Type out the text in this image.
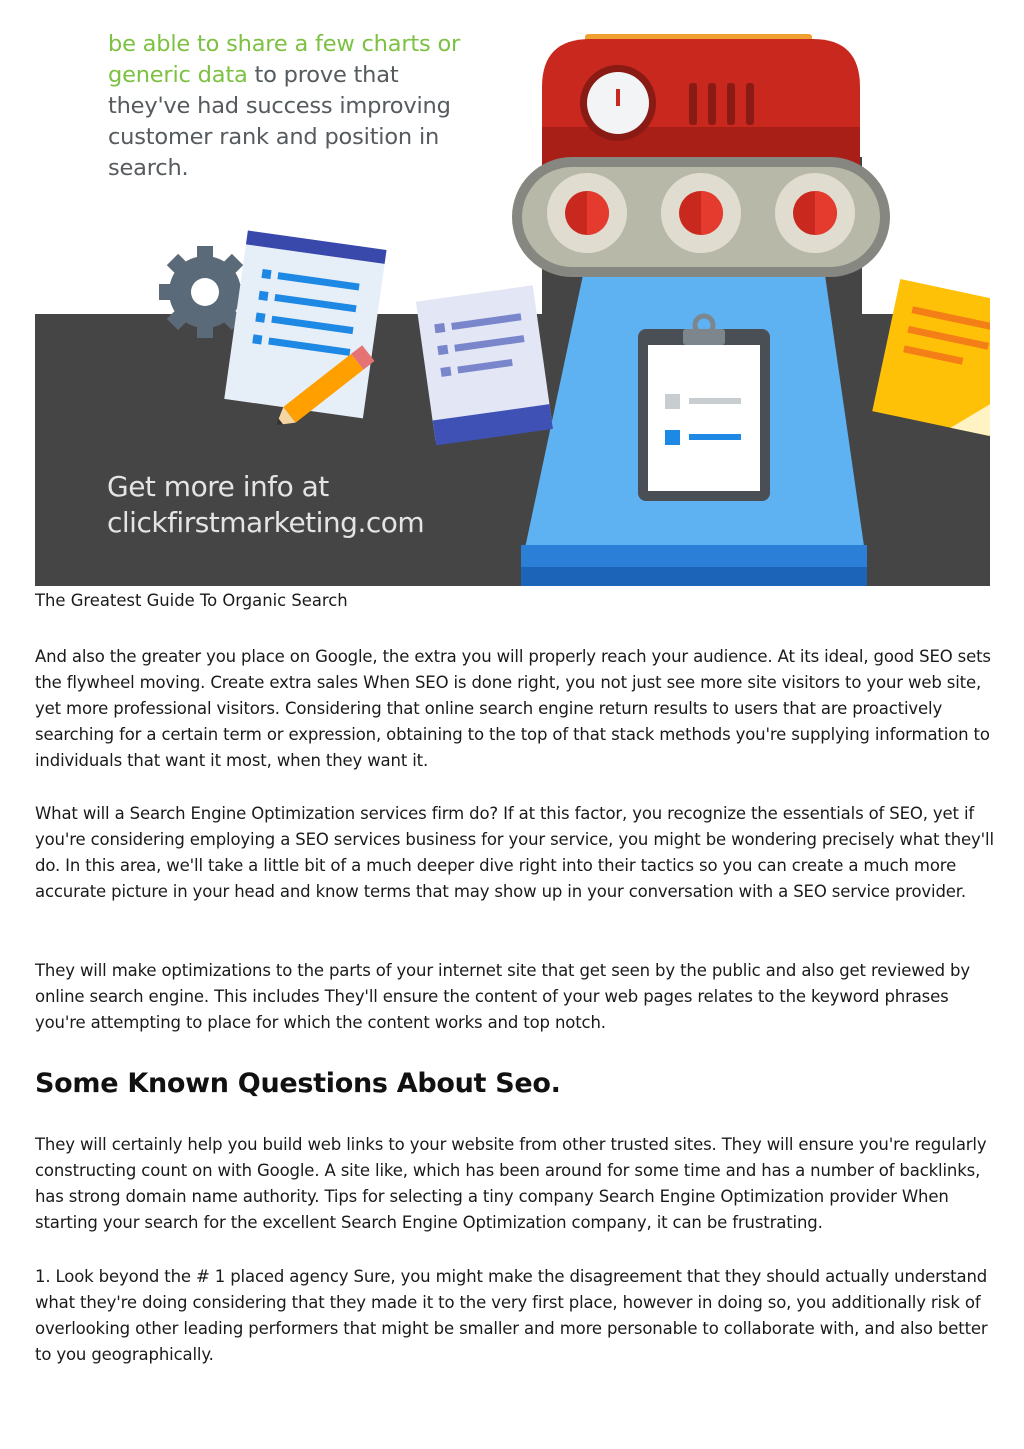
be able to share a few charts or generic data to prove that they've had success improving customer rank and position in search.
Get more info at
clickfirstmarketing.com
The Greatest Guide To Organic Search

And also the greater you place on Google, the extra you will properly reach your audience. At its ideal, good SEO sets the flywheel moving. Create extra sales When SEO is done right, you not just see more site visitors to your web site, yet more professional visitors. Considering that online search engine return results to users that are proactively searching for a certain term or expression, obtaining to the top of that stack methods you're supplying information to individuals that want it most, when they want it.

What will a Search Engine Optimization services firm do? If at this factor, you recognize the essentials of SEO, yet if you're considering employing a SEO services business for your service, you might be wondering precisely what they'll do. In this area, we'll take a little bit of a much deeper dive right into their tactics so you can create a much more accurate picture in your head and know terms that may show up in your conversation with a SEO service provider.

They will make optimizations to the parts of your internet site that get seen by the public and also get reviewed by online search engine. This includes They'll ensure the content of your web pages relates to the keyword phrases you're attempting to place for which the content works and top notch.

Some Known Questions About Seo.

They will certainly help you build web links to your website from other trusted sites. They will ensure you're regularly constructing count on with Google. A site like, which has been around for some time and has a number of backlinks, has strong domain name authority. Tips for selecting a tiny company Search Engine Optimization provider When starting your search for the excellent Search Engine Optimization company, it can be frustrating.

1. Look beyond the # 1 placed agency Sure, you might make the disagreement that they should actually understand what they're doing considering that they made it to the very first place, however in doing so, you additionally risk of overlooking other leading performers that might be smaller and more personable to collaborate with, and also better to you geographically.
